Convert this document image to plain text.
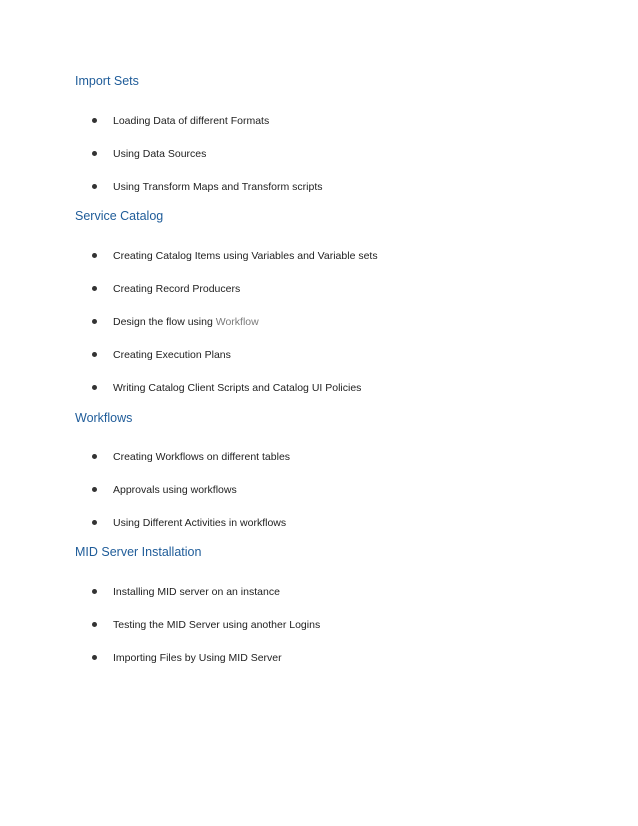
Import Sets
Loading Data of different Formats
Using Data Sources
Using Transform Maps and Transform scripts
Service Catalog
Creating Catalog Items using Variables and Variable sets
Creating Record Producers
Design the flow using Workflow
Creating Execution Plans
Writing Catalog Client Scripts and Catalog UI Policies
Workflows
Creating Workflows on different tables
Approvals using workflows
Using Different Activities in workflows
MID Server Installation
Installing MID server on an instance
Testing the MID Server using another Logins
Importing Files by Using MID Server
